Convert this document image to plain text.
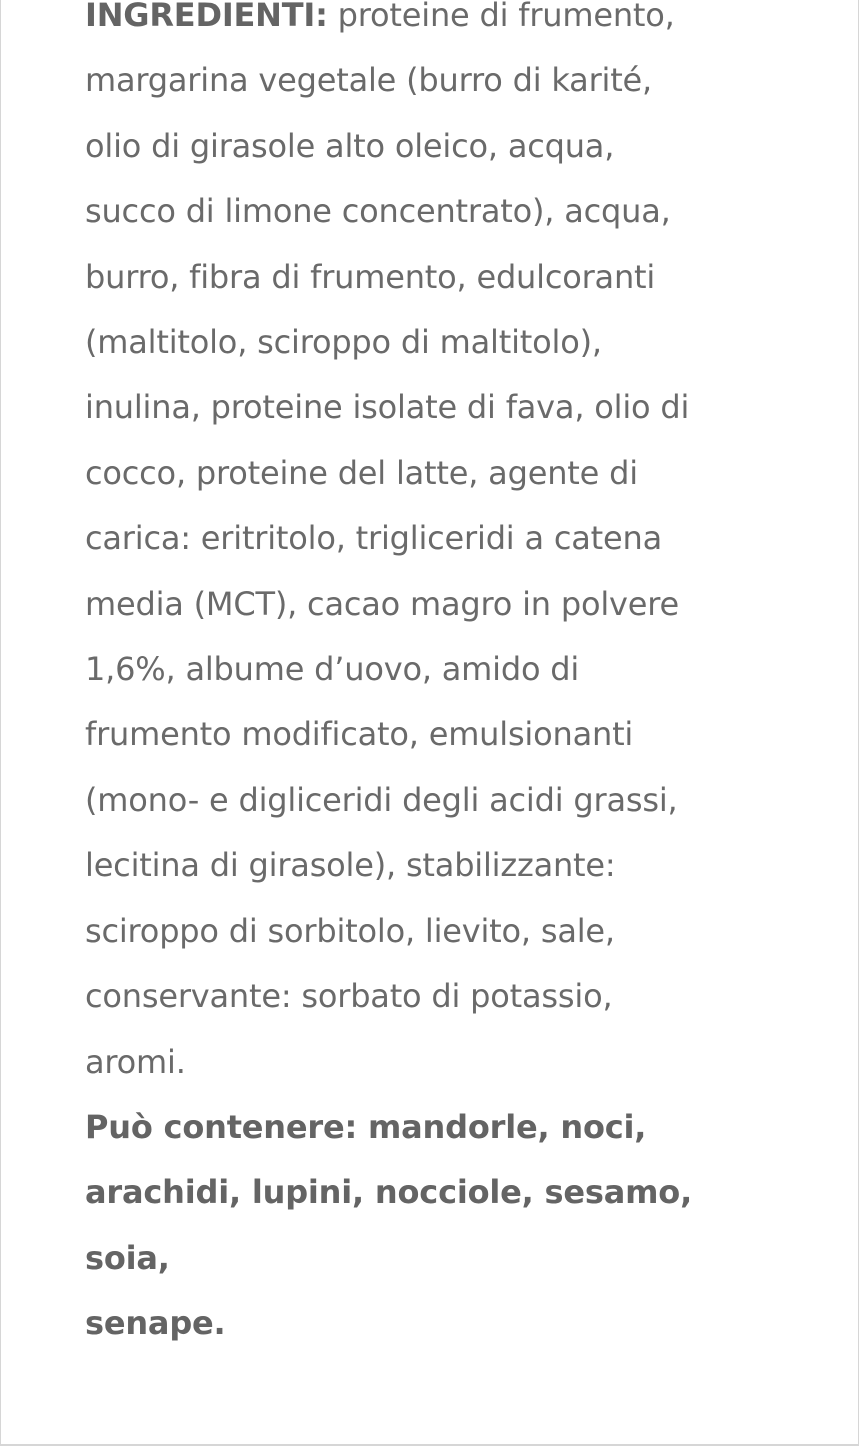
INGREDIENTI: proteine di frumento,
margarina vegetale (burro di karité,
olio di girasole alto oleico, acqua,
succo di limone concentrato), acqua,
burro, fibra di frumento, edulcoranti
(maltitolo, sciroppo di maltitolo),
inulina, proteine isolate di fava, olio di
cocco, proteine del latte, agente di
carica: eritritolo, trigliceridi a catena
media (MCT), cacao magro in polvere
1,6%, albume d’uovo, amido di
frumento modificato, emulsionanti
(mono- e digliceridi degli acidi grassi,
lecitina di girasole), stabilizzante:
sciroppo di sorbitolo, lievito, sale,
conservante: sorbato di potassio,
aromi.
Può contenere: mandorle, noci,
arachidi, lupini, nocciole, sesamo,
soia,
senape.
